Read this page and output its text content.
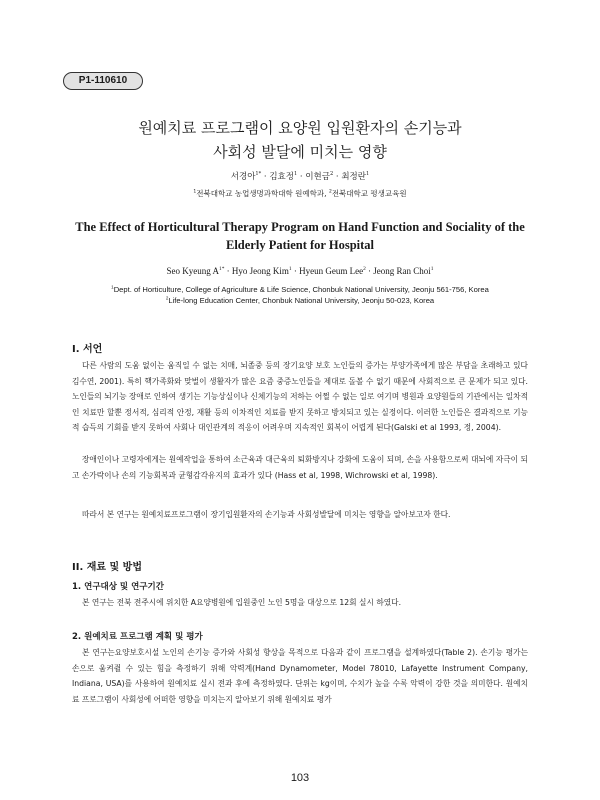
P1-110610
원예치료 프로그램이 요양원 입원환자의 손기능과
사회성 발달에 미치는 영향
서경아$^{1*}$ · 김효정$^1$ · 이현금$^2$ · 최정란$^1$
$^1$전북대학교 농업생명과학대학 원예학과, $^2$전북대학교 평생교육원
The Effect of Horticultural Therapy Program on Hand Function and Sociality of the
Elderly Patient for Hospital
Seo Kyeung $A^{1*}$ · Hyo Jeong Kim$^1$ · Hyeun Geum Lee$^2$ · Jeong Ran Choi$^1$
$^1$Dept. of Horticulture, College of Agriculture & Life Science, Chonbuk National University, Jeonju 561-756, Korea
$^2$Life-long Education Center, Chonbuk National University, Jeonju 50-023, Korea
I. 서언

다른 사람의 도움 없이는 움직일 수 없는 치매, 뇌졸중 등의 장기요양 보호 노인들의 증가는 부양가족에게 많은 부담을 초래하고 있다 김수연, 2001). 특히 핵가족화와 맞벌이 생활자가 많은 요즘 중증노인들을 제대로 돌볼 수 없기 때문에 사회적으로 큰 문제가 되고 있다. 노인들의 뇌기능 장애로 인하여 생기는 기능상실이나 신체기능의 저하는 어쩔 수 없는 일로 여기며 병원과 요양원들의 기관에서는 일차적인 치료만 할뿐 정서적, 심리적 안정, 재활 등의 이차적인 치료를 받지 못하고 방치되고 있는 실정이다. 이러한 노인들은 결과적으로 기능적 습득의 기회를 받지 못하여 사회나 대인관계의 적응이 어려우며 지속적인 회복이 어렵게 된다(Galski et al 1993, 정, 2004).

장애인이나 고령자에게는 원예작업을 통하여 소근육과 대근육의 퇴화방지나 강화에 도움이 되며, 손을 사용함으로써 대뇌에 자극이 되고 손가락이나 손의 기능회복과 균형감각유지의 효과가 있다 (Hass et al, 1998, Wichrowski et al, 1998).

따라서 본 연구는 원예치료프로그램이 장기입원환자의 손기능과 사회성발달에 미치는 영향을 알아보고자 한다.

II. 재료 및 방법
1. 연구대상 및 연구기간

본 연구는 전북 전주시에 위치한 A요양병원에 입원중인 노인 5명을 대상으로 12회 실시 하였다.

2. 원예치료 프로그램 계획 및 평가

본 연구는요양보호시설 노인의 손기능 증가와 사회성 향상을 목적으로 다음과 같이 프로그램을 설계하였다(Table 2). 손기능 평가는 손으로 움켜쥘 수 있는 힘을 측정하기 위해 악력계(Hand Dynamometer, Model 78010, Lafayette Instrument Company, Indiana, USA)를 사용하여 원예치료 실시 전과 후에 측정하였다. 단위는 kg이며, 수치가 높을 수록 악력이 강한 것을 의미한다. 원예치료 프로그램이 사회성에 어떠한 영향을 미치는지 알아보기 위해 원예치료 평가

103
